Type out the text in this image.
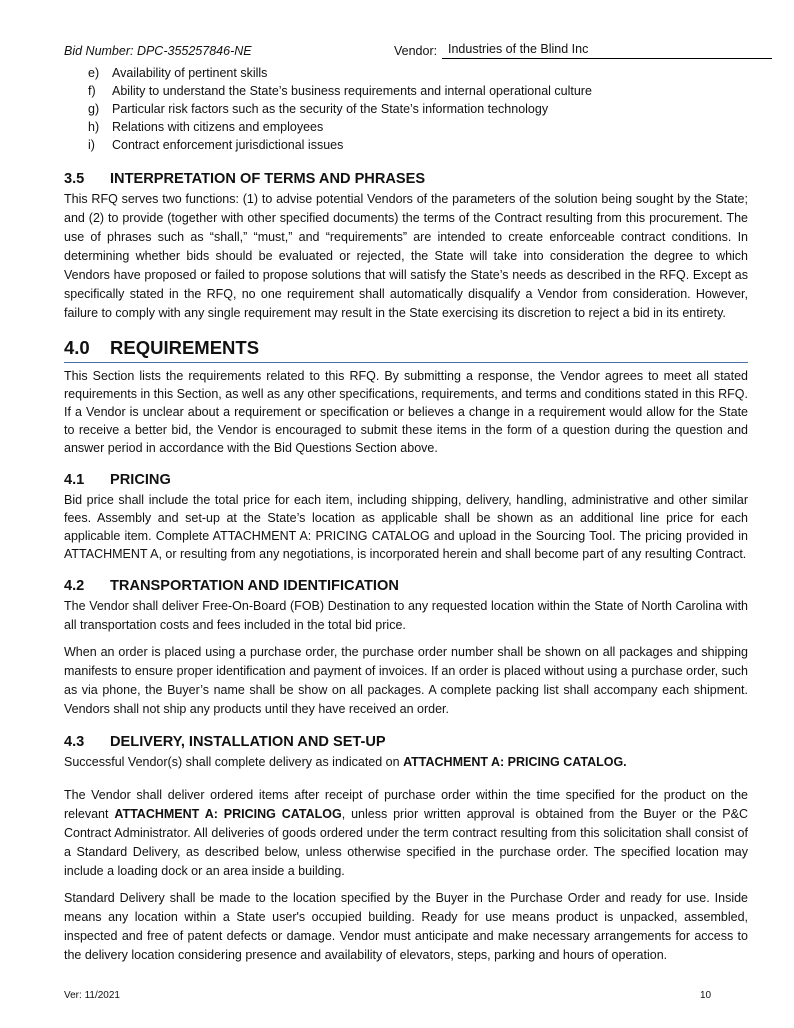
Bid Number: DPC-355257846-NE	Vendor: Industries of the Blind Inc
e) Availability of pertinent skills
f) Ability to understand the State’s business requirements and internal operational culture
g) Particular risk factors such as the security of the State’s information technology
h) Relations with citizens and employees
i) Contract enforcement jurisdictional issues
3.5 INTERPRETATION OF TERMS AND PHRASES

This RFQ serves two functions: (1) to advise potential Vendors of the parameters of the solution being sought by the State; and (2) to provide (together with other specified documents) the terms of the Contract resulting from this procurement. The use of phrases such as “shall,” “must,” and “requirements” are intended to create enforceable contract conditions. In determining whether bids should be evaluated or rejected, the State will take into consideration the degree to which Vendors have proposed or failed to propose solutions that will satisfy the State’s needs as described in the RFQ. Except as specifically stated in the RFQ, no one requirement shall automatically disqualify a Vendor from consideration. However, failure to comply with any single requirement may result in the State exercising its discretion to reject a bid in its entirety.

4.0 REQUIREMENTS

This Section lists the requirements related to this RFQ. By submitting a response, the Vendor agrees to meet all stated requirements in this Section, as well as any other specifications, requirements, and terms and conditions stated in this RFQ. If a Vendor is unclear about a requirement or specification or believes a change in a requirement would allow for the State to receive a better bid, the Vendor is encouraged to submit these items in the form of a question during the question and answer period in accordance with the Bid Questions Section above.

4.1 PRICING

Bid price shall include the total price for each item, including shipping, delivery, handling, administrative and other similar fees. Assembly and set-up at the State’s location as applicable shall be shown as an additional line price for each applicable item. Complete ATTACHMENT A: PRICING CATALOG and upload in the Sourcing Tool. The pricing provided in ATTACHMENT A, or resulting from any negotiations, is incorporated herein and shall become part of any resulting Contract.

4.2 TRANSPORTATION AND IDENTIFICATION

The Vendor shall deliver Free-On-Board (FOB) Destination to any requested location within the State of North Carolina with all transportation costs and fees included in the total bid price.

When an order is placed using a purchase order, the purchase order number shall be shown on all packages and shipping manifests to ensure proper identification and payment of invoices. If an order is placed without using a purchase order, such as via phone, the Buyer’s name shall be show on all packages. A complete packing list shall accompany each shipment. Vendors shall not ship any products until they have received an order.

4.3 DELIVERY, INSTALLATION AND SET-UP

Successful Vendor(s) shall complete delivery as indicated on ATTACHMENT A: PRICING CATALOG.

The Vendor shall deliver ordered items after receipt of purchase order within the time specified for the product on the relevant ATTACHMENT A: PRICING CATALOG, unless prior written approval is obtained from the Buyer or the P&C Contract Administrator. All deliveries of goods ordered under the term contract resulting from this solicitation shall consist of a Standard Delivery, as described below, unless otherwise specified in the purchase order. The specified location may include a loading dock or an area inside a building.

Standard Delivery shall be made to the location specified by the Buyer in the Purchase Order and ready for use. Inside means any location within a State user's occupied building. Ready for use means product is unpacked, assembled, inspected and free of patent defects or damage. Vendor must anticipate and make necessary arrangements for access to the delivery location considering presence and availability of elevators, steps, parking and hours of operation.

Ver: 11/2021	10
